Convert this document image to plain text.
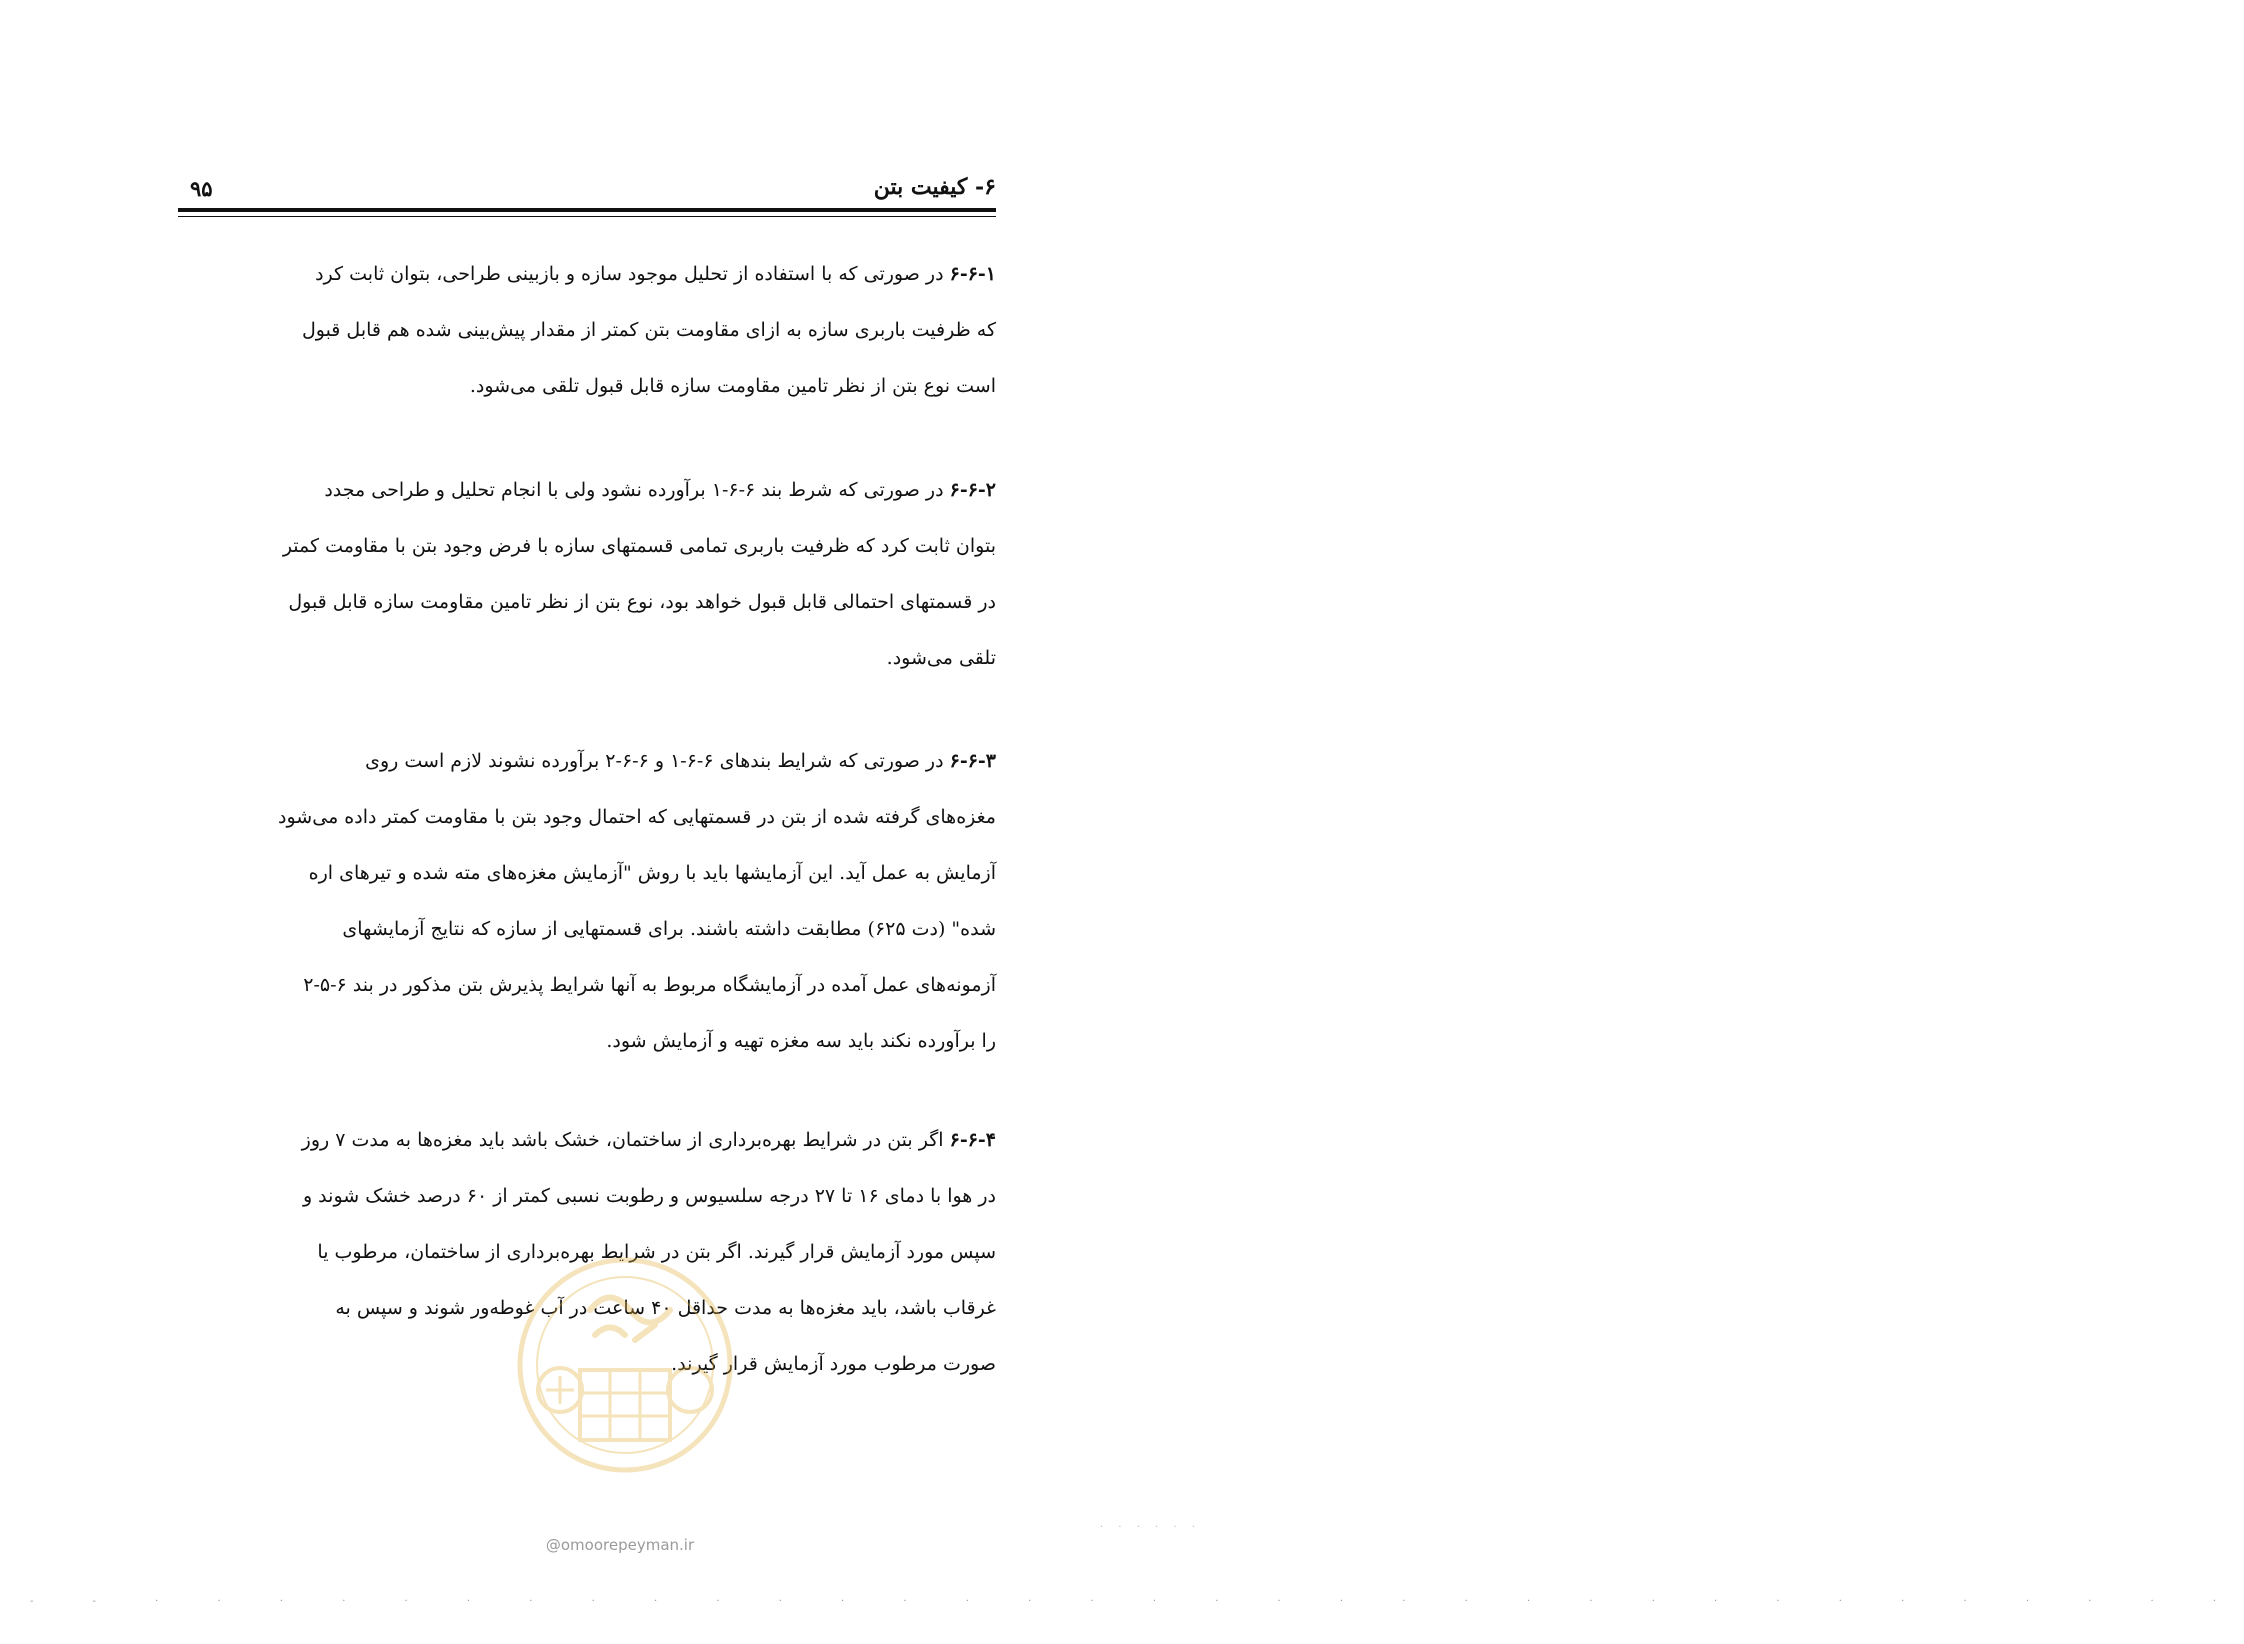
۶- کیفیت بتن
۹۵
۶-۶-۱ در صورتی که با استفاده از تحلیل موجود سازه و بازبینی طراحی، بتوان ثابت کرد
که ظرفیت باربری سازه به ازای مقاومت بتن کمتر از مقدار پیش‌بینی شده هم قابل قبول
است نوع بتن از نظر تامین مقاومت سازه قابل قبول تلقی می‌شود.
۶-۶-۲ در صورتی که شرط بند ۶-۶-۱ برآورده نشود ولی با انجام تحلیل و طراحی مجدد
بتوان ثابت کرد که ظرفیت باربری تمامی قسمتهای سازه با فرض وجود بتن با مقاومت کمتر
در قسمتهای احتمالی قابل قبول خواهد بود، نوع بتن از نظر تامین مقاومت سازه قابل قبول
تلقی می‌شود.
۶-۶-۳ در صورتی که شرایط بندهای ۶-۶-۱ و ۶-۶-۲ برآورده نشوند لازم است روی
مغزه‌های گرفته شده از بتن در قسمتهایی که احتمال وجود بتن با مقاومت کمتر داده می‌شود
آزمایش به عمل آید. این آزمایشها باید با روش "آزمایش مغزه‌های مته شده و تیرهای اره
شده" (دت ۶۲۵) مطابقت داشته باشند. برای قسمتهایی از سازه که نتایج آزمایشهای
آزمونه‌های عمل آمده در آزمایشگاه مربوط به آنها شرایط پذیرش بتن مذکور در بند ۶-۵-۲
را برآورده نکند باید سه مغزه تهیه و آزمایش شود.
۶-۶-۴ اگر بتن در شرایط بهره‌برداری از ساختمان، خشک باشد باید مغزه‌ها به مدت ۷ روز
در هوا با دمای ۱۶ تا ۲۷ درجه سلسیوس و رطوبت نسبی کمتر از ۶۰ درصد خشک شوند و
سپس مورد آزمایش قرار گیرند. اگر بتن در شرایط بهره‌برداری از ساختمان، مرطوب یا
غرقاب باشد، باید مغزه‌ها به مدت حداقل ۴۰ ساعت در آب غوطه‌ور شوند و سپس به
صورت مرطوب مورد آزمایش قرار گیرند.
@omoorepeyman.ir
· · · · · ·
- - · · · · · · · · · · · · · · · · · · · · · · · · · · · · · · · · · ·
